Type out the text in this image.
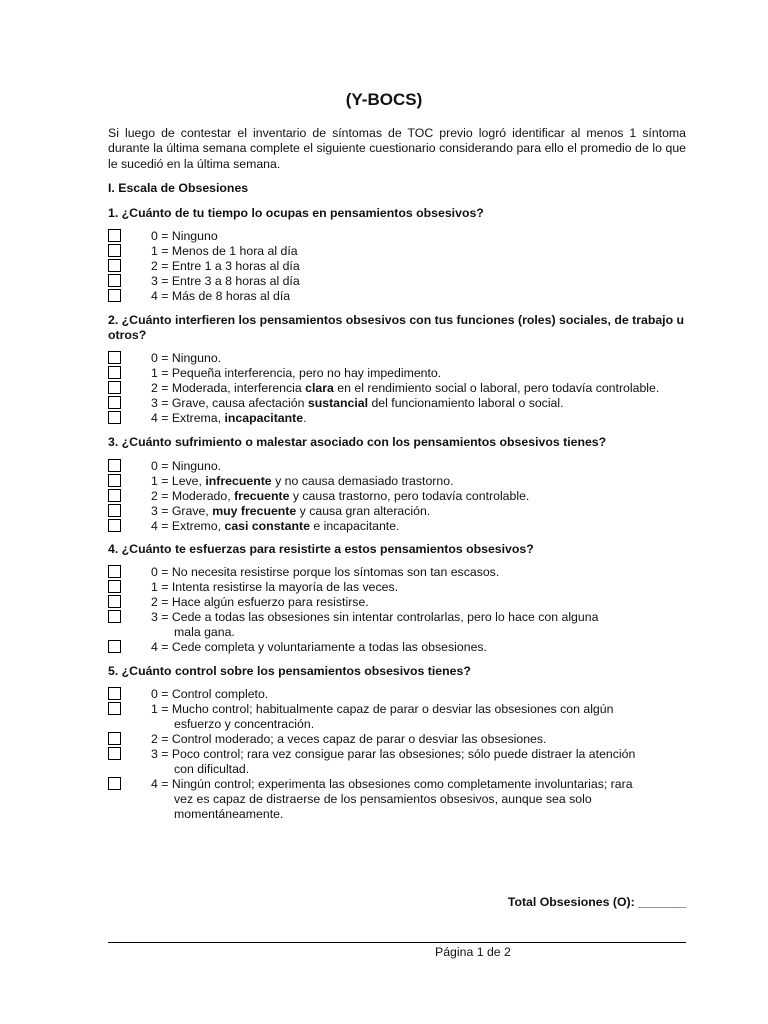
(Y-BOCS)
Si luego de contestar el inventario de síntomas de TOC previo logró identificar al menos 1 síntoma durante la última semana complete el siguiente cuestionario considerando para ello el promedio de lo que le sucedió en la última semana.
I. Escala de Obsesiones
1. ¿Cuánto de tu tiempo lo ocupas en pensamientos obsesivos?
0 = Ninguno
1 = Menos de 1 hora al día
2 = Entre 1 a 3 horas al día
3 = Entre 3 a 8 horas al día
4 = Más de 8 horas al día
2. ¿Cuánto interfieren los pensamientos obsesivos con tus funciones (roles) sociales, de trabajo u otros?
0 = Ninguno.
1 = Pequeña interferencia, pero no hay impedimento.
2 = Moderada, interferencia clara en el rendimiento social o laboral, pero todavía controlable.
3 = Grave, causa afectación sustancial del funcionamiento laboral o social.
4 = Extrema, incapacitante.
3. ¿Cuánto sufrimiento o malestar asociado con los pensamientos obsesivos tienes?
0 = Ninguno.
1 = Leve, infrecuente y no causa demasiado trastorno.
2 = Moderado, frecuente y causa trastorno, pero todavía controlable.
3 = Grave, muy frecuente y causa gran alteración.
4 = Extremo, casi constante e incapacitante.
4. ¿Cuánto te esfuerzas para resistirte a estos pensamientos obsesivos?
0 = No necesita resistirse porque los síntomas son tan escasos.
1 = Intenta resistirse la mayoría de las veces.
2 = Hace algún esfuerzo para resistirse.
3 = Cede a todas las obsesiones sin intentar controlarlas, pero lo hace con alguna
mala gana.
4 = Cede completa y voluntariamente a todas las obsesiones.
5. ¿Cuánto control sobre los pensamientos obsesivos tienes?
0 = Control completo.
1 = Mucho control; habitualmente capaz de parar o desviar las obsesiones con algún
esfuerzo y concentración.
2 = Control moderado; a veces capaz de parar o desviar las obsesiones.
3 = Poco control; rara vez consigue parar las obsesiones; sólo puede distraer la atención
con dificultad.
4 = Ningún control; experimenta las obsesiones como completamente involuntarias; rara
vez es capaz de distraerse de los pensamientos obsesivos, aunque sea solo
momentáneamente.
Total Obsesiones (O): _______
Página 1 de 2
